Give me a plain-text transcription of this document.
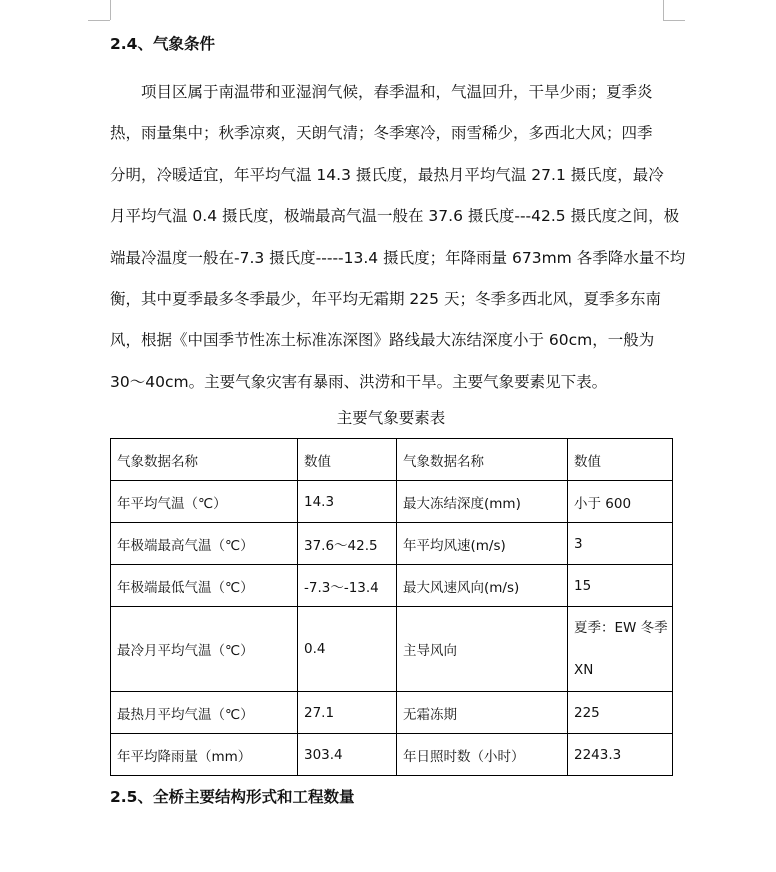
2.4、气象条件
　　项目区属于南温带和亚湿润气候，春季温和，气温回升，干旱少雨；夏季炎
热，雨量集中；秋季凉爽，天朗气清；冬季寒冷，雨雪稀少，多西北大风；四季
分明，冷暖适宜，年平均气温 14.3 摄氏度，最热月平均气温 27.1 摄氏度，最冷
月平均气温 0.4 摄氏度，极端最高气温一般在 37.6 摄氏度---42.5 摄氏度之间，极
端最冷温度一般在-7.3 摄氏度-----13.4 摄氏度；年降雨量 673mm 各季降水量不均
衡，其中夏季最多冬季最少，年平均无霜期 225 天；冬季多西北风，夏季多东南
风，根据《中国季节性冻土标准冻深图》路线最大冻结深度小于 60cm，一般为
30～40cm。主要气象灾害有暴雨、洪涝和干旱。主要气象要素见下表。
主要气象要素表
气象数据名称	数值	气象数据名称	数值
年平均气温（℃）	14.3	最大冻结深度(mm)	小于 600
年极端最高气温（℃）	37.6～42.5	年平均风速(m/s)	3
年极端最低气温（℃）	-7.3～-13.4	最大风速风向(m/s)	15
最冷月平均气温（℃）	0.4	主导风向	夏季：EW 冬季 XN
最热月平均气温（℃）	27.1	无霜冻期	225
年平均降雨量（mm）	303.4	年日照时数（小时）	2243.3
2.5、全桥主要结构形式和工程数量
